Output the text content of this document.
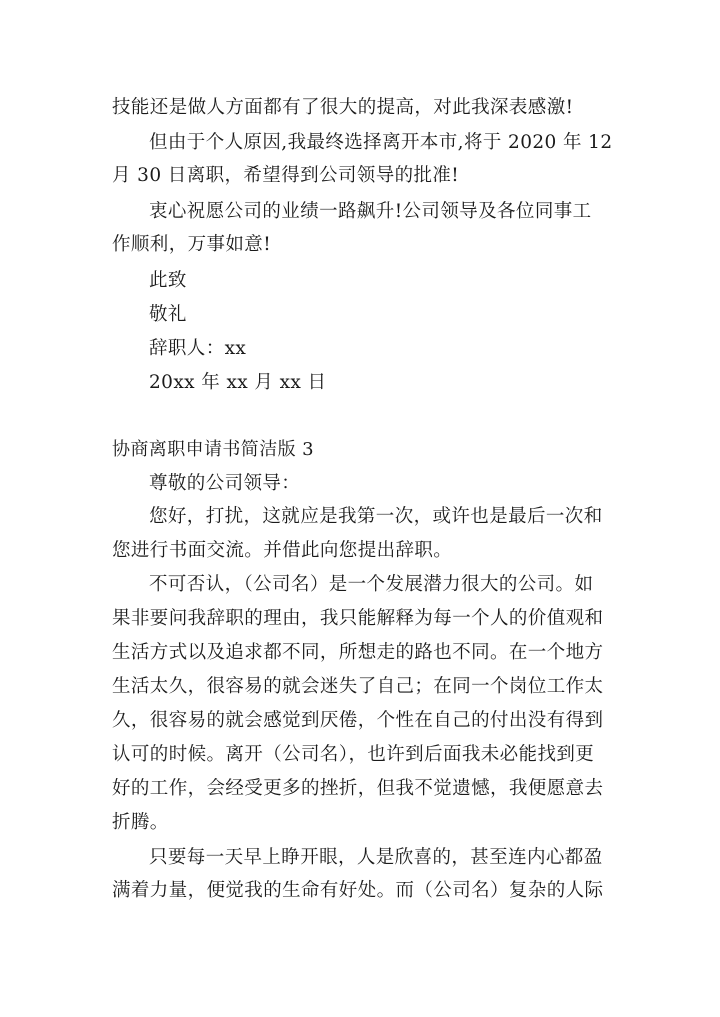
技能还是做人方面都有了很大的提高，对此我深表感激!
但由于个人原因,我最终选择离开本市,将于 2020 年 12
月 30 日离职，希望得到公司领导的批准!
衷心祝愿公司的业绩一路飙升!公司领导及各位同事工
作顺利，万事如意!
此致
敬礼
辞职人：xx
20xx 年 xx 月 xx 日
协商离职申请书简洁版 3
尊敬的公司领导：
您好，打扰，这就应是我第一次，或许也是最后一次和
您进行书面交流。并借此向您提出辞职。
不可否认，（公司名）是一个发展潜力很大的公司。如
果非要问我辞职的理由，我只能解释为每一个人的价值观和
生活方式以及追求都不同，所想走的路也不同。在一个地方
生活太久，很容易的就会迷失了自己；在同一个岗位工作太
久，很容易的就会感觉到厌倦，个性在自己的付出没有得到
认可的时候。离开（公司名），也许到后面我未必能找到更
好的工作，会经受更多的挫折，但我不觉遗憾，我便愿意去
折腾。
只要每一天早上睁开眼，人是欣喜的，甚至连内心都盈
满着力量，便觉我的生命有好处。而（公司名）复杂的人际
